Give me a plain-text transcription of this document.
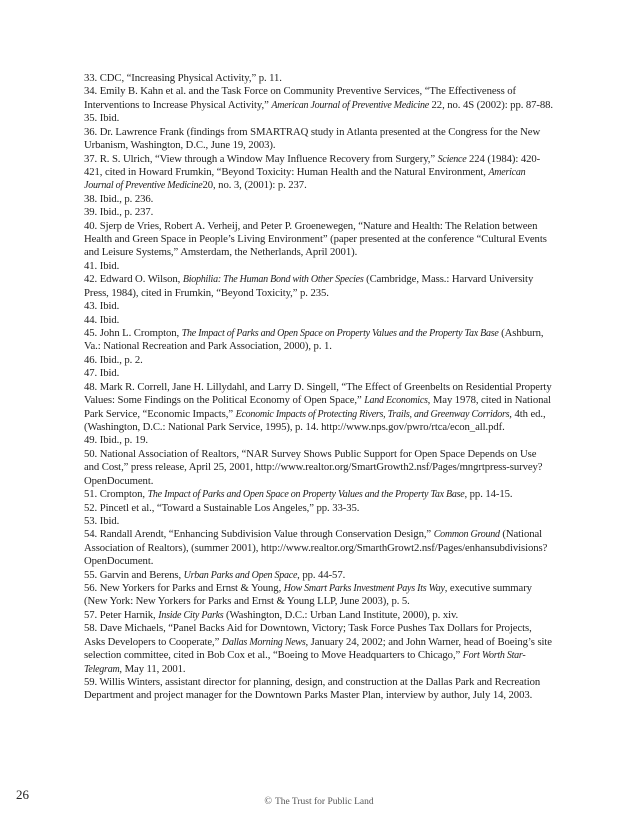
33. CDC, “Increasing Physical Activity,” p. 11.

34. Emily B. Kahn et al. and the Task Force on Community Preventive Services, “The Effectiveness of Interventions to Increase Physical Activity,” American Journal of Preventive Medicine 22, no. 4S (2002): pp. 87-88.

35. Ibid.

36. Dr. Lawrence Frank (findings from SMARTRAQ study in Atlanta presented at the Congress for the New Urbanism, Washington, D.C., June 19, 2003).

37. R. S. Ulrich, “View through a Window May Influence Recovery from Surgery,” Science 224 (1984): 420-421, cited in Howard Frumkin, “Beyond Toxicity: Human Health and the Natural Environment, American Journal of Preventive Medicine20, no. 3, (2001): p. 237.

38. Ibid., p. 236.

39. Ibid., p. 237.

40. Sjerp de Vries, Robert A. Verheij, and Peter P. Groenewegen, “Nature and Health: The Relation between Health and Green Space in People’s Living Environment” (paper presented at the conference “Cultural Events and Leisure Systems,” Amsterdam, the Netherlands, April 2001).

41. Ibid.

42. Edward O. Wilson, Biophilia: The Human Bond with Other Species (Cambridge, Mass.: Harvard University Press, 1984), cited in Frumkin, “Beyond Toxicity,” p. 235.

43. Ibid.

44. Ibid.

45. John L. Crompton, The Impact of Parks and Open Space on Property Values and the Property Tax Base (Ashburn, Va.: National Recreation and Park Association, 2000), p. 1.

46. Ibid., p. 2.

47. Ibid.

48. Mark R. Correll, Jane H. Lillydahl, and Larry D. Singell, “The Effect of Greenbelts on Residential Property Values: Some Findings on the Political Economy of Open Space,” Land Economics, May 1978, cited in National Park Service, “Economic Impacts,” Economic Impacts of Protecting Rivers, Trails, and Greenway Corridors, 4th ed., (Washington, D.C.: National Park Service, 1995), p. 14. http://www.nps.gov/pwro/rtca/econ_all.pdf.

49. Ibid., p. 19.

50. National Association of Realtors, “NAR Survey Shows Public Support for Open Space Depends on Use and Cost,” press release, April 25, 2001, http://www.realtor.org/SmartGrowth2.nsf/Pages/mngrtpress-survey?OpenDocument.

51. Crompton, The Impact of Parks and Open Space on Property Values and the Property Tax Base, pp. 14-15.

52. Pincetl et al., “Toward a Sustainable Los Angeles,” pp. 33-35.

53. Ibid.

54. Randall Arendt, “Enhancing Subdivision Value through Conservation Design,” Common Ground (National Association of Realtors), (summer 2001), http://www.realtor.org/SmarthGrowt2.nsf/Pages/enhansubdivisions?OpenDocument.

55. Garvin and Berens, Urban Parks and Open Space, pp. 44-57.

56. New Yorkers for Parks and Ernst & Young, How Smart Parks Investment Pays Its Way, executive summary (New York: New Yorkers for Parks and Ernst & Young LLP, June 2003), p. 5.

57. Peter Harnik, Inside City Parks (Washington, D.C.: Urban Land Institute, 2000), p. xiv.

58. Dave Michaels, “Panel Backs Aid for Downtown, Victory; Task Force Pushes Tax Dollars for Projects, Asks Developers to Cooperate,” Dallas Morning News, January 24, 2002; and John Warner, head of Boeing’s site selection committee, cited in Bob Cox et al., “Boeing to Move Headquarters to Chicago,” Fort Worth Star-Telegram, May 11, 2001.

59. Willis Winters, assistant director for planning, design, and construction at the Dallas Park and Recreation Department and project manager for the Downtown Parks Master Plan, interview by author, July 14, 2003.

26	© The Trust for Public Land
